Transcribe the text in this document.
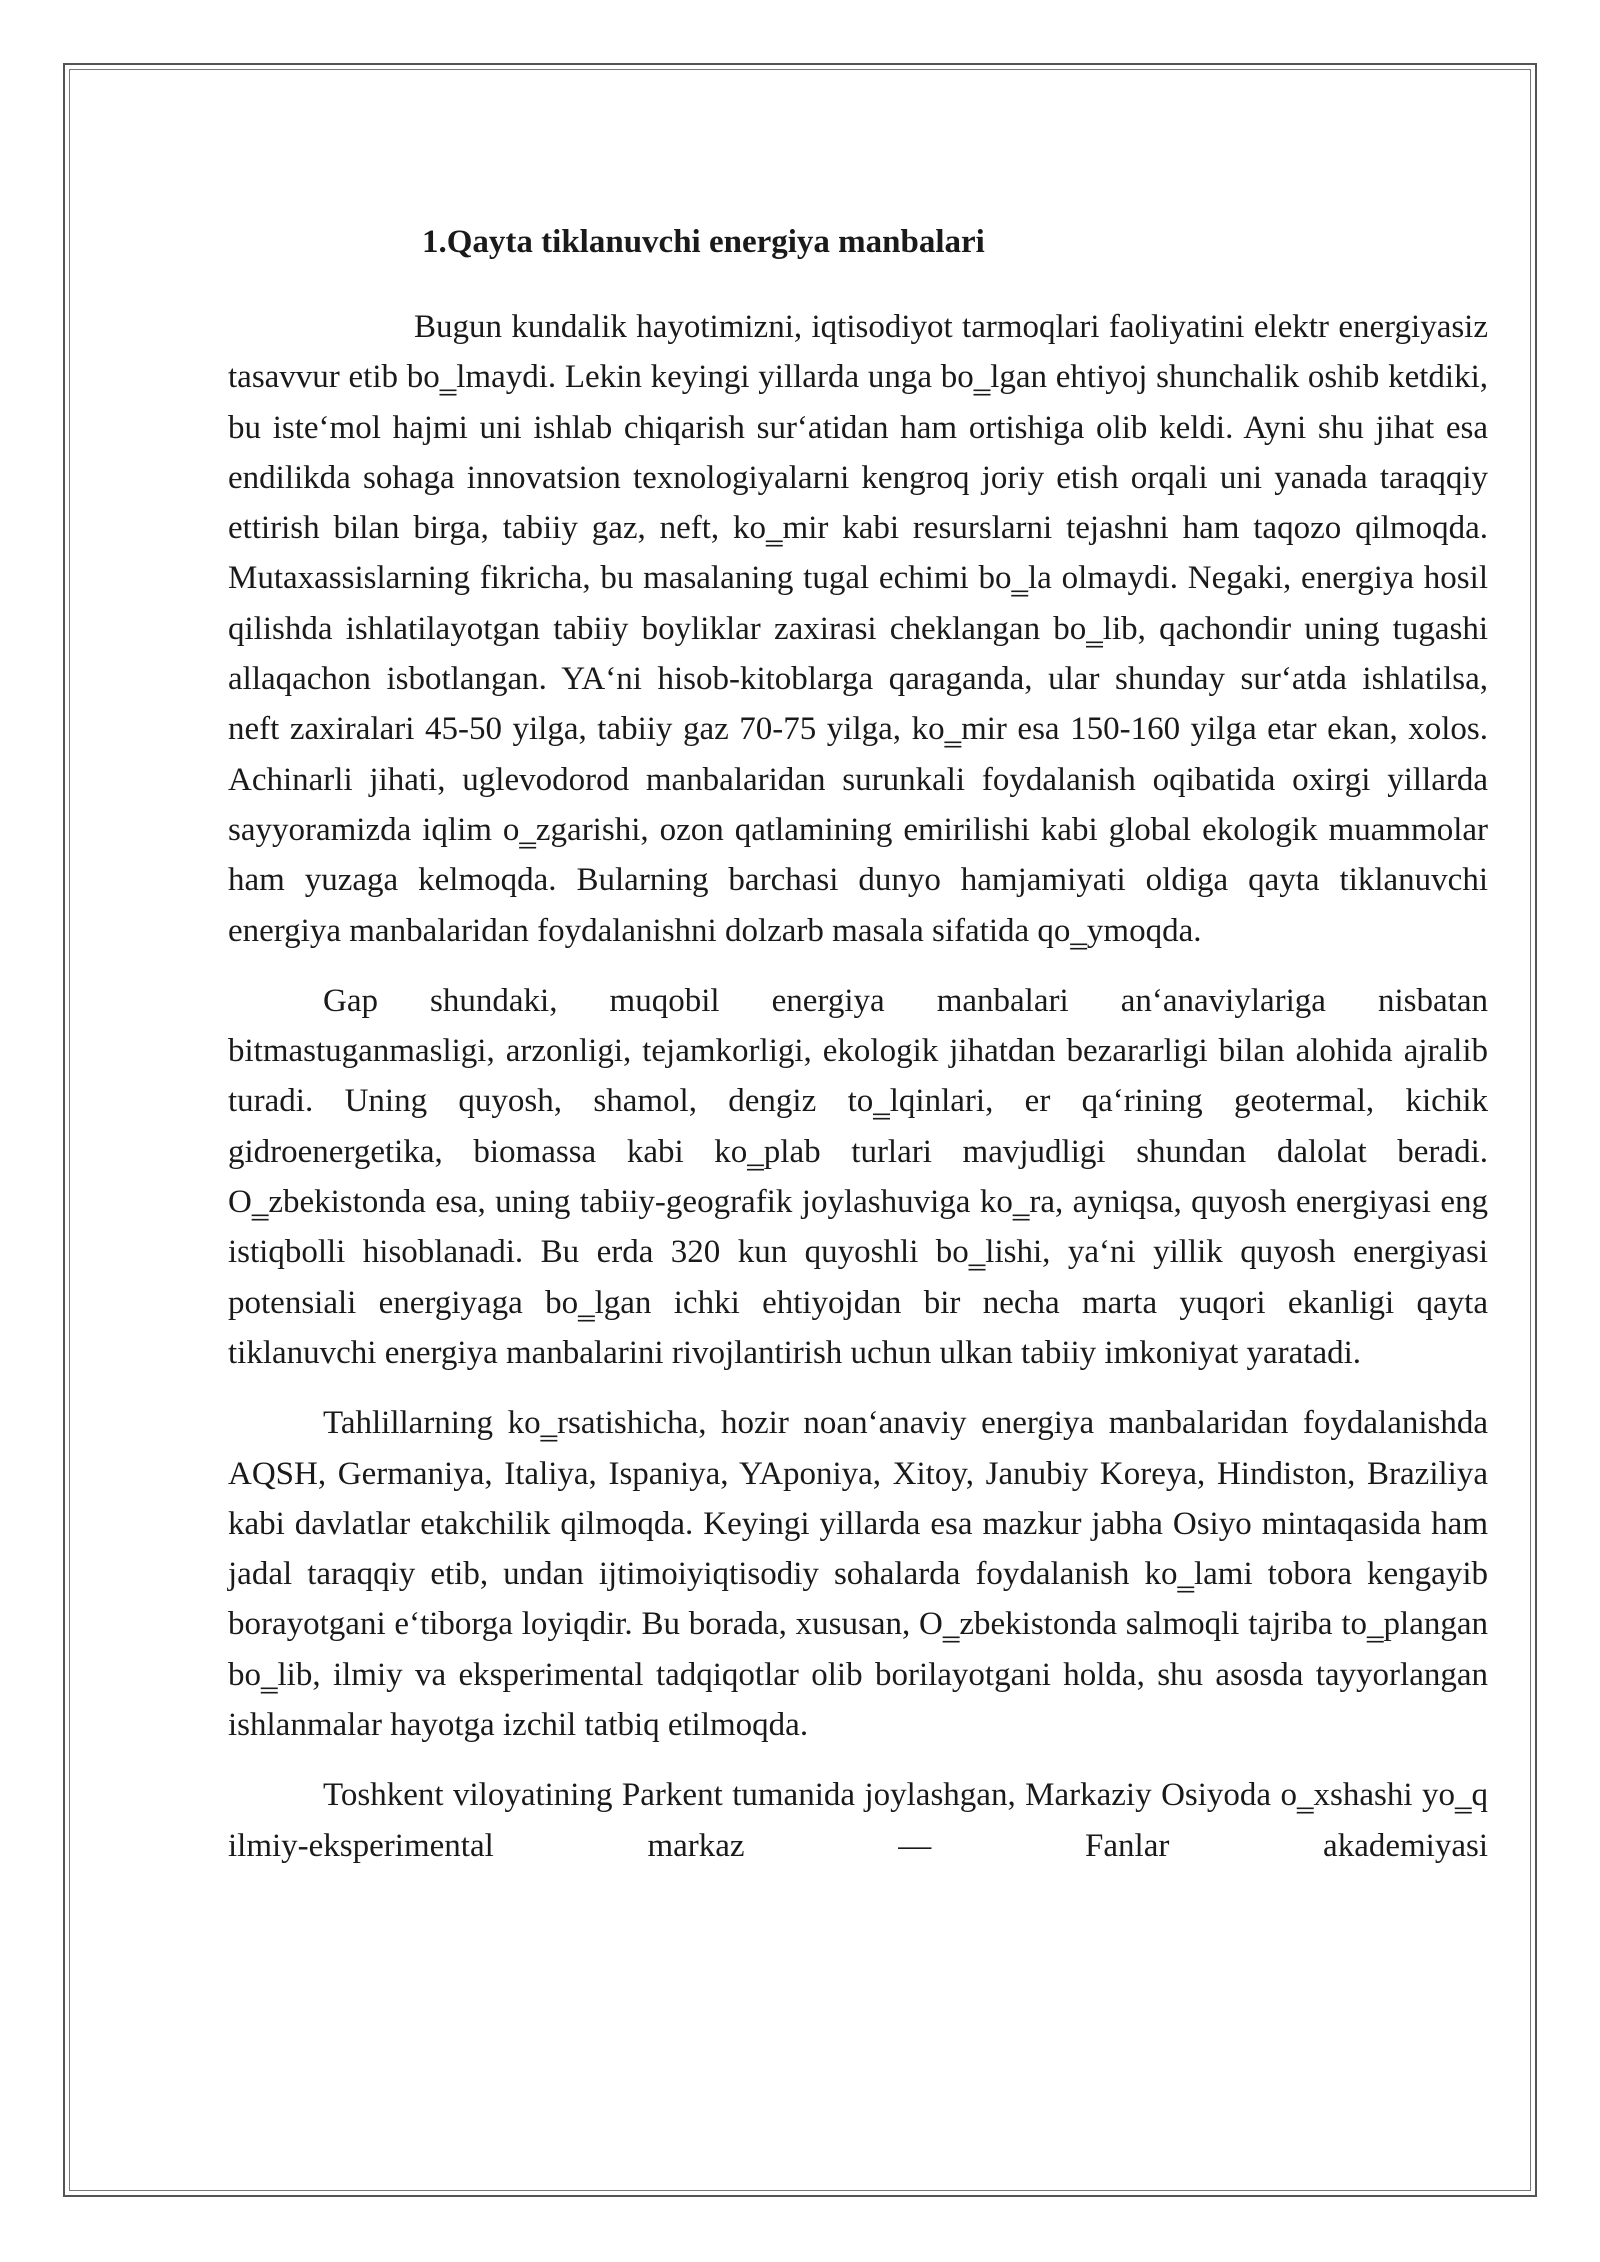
1.Qayta tiklanuvchi energiya manbalari

Bugun kundalik hayotimizni, iqtisodiyot tarmoqlari faoliyatini elektr energiyasiz tasavvur etib bo‗lmaydi. Lekin keyingi yillarda unga bo‗lgan ehtiyoj shunchalik oshib ketdiki, bu iste‘mol hajmi uni ishlab chiqarish sur‘atidan ham ortishiga olib keldi. Ayni shu jihat esa endilikda sohaga innovatsion texnologiyalarni kengroq joriy etish orqali uni yanada taraqqiy ettirish bilan birga, tabiiy gaz, neft, ko‗mir kabi resurslarni tejashni ham taqozo qilmoqda. Mutaxassislarning fikricha, bu masalaning tugal echimi bo‗la olmaydi. Negaki, energiya hosil qilishda ishlatilayotgan tabiiy boyliklar zaxirasi cheklangan bo‗lib, qachondir uning tugashi allaqachon isbotlangan. YA‘ni hisob-kitoblarga qaraganda, ular shunday sur‘atda ishlatilsa, neft zaxiralari 45-50 yilga, tabiiy gaz 70-75 yilga, ko‗mir esa 150-160 yilga etar ekan, xolos. Achinarli jihati, uglevodorod manbalaridan surunkali foydalanish oqibatida oxirgi yillarda sayyoramizda iqlim o‗zgarishi, ozon qatlamining emirilishi kabi global ekologik muammolar ham yuzaga kelmoqda. Bularning barchasi dunyo hamjamiyati oldiga qayta tiklanuvchi energiya manbalaridan foydalanishni dolzarb masala sifatida qo‗ymoqda.

Gap shundaki, muqobil energiya manbalari an‘anaviylariga nisbatan bitmastuganmasligi, arzonligi, tejamkorligi, ekologik jihatdan bezararligi bilan alohida ajralib turadi. Uning quyosh, shamol, dengiz to‗lqinlari, er qa‘rining geotermal, kichik gidroenergetika, biomassa kabi ko‗plab turlari mavjudligi shundan dalolat beradi. O‗zbekistonda esa, uning tabiiy-geografik joylashuviga ko‗ra, ayniqsa, quyosh energiyasi eng istiqbolli hisoblanadi. Bu erda 320 kun quyoshli bo‗lishi, ya‘ni yillik quyosh energiyasi potensiali energiyaga bo‗lgan ichki ehtiyojdan bir necha marta yuqori ekanligi qayta tiklanuvchi energiya manbalarini rivojlantirish uchun ulkan tabiiy imkoniyat yaratadi.

Tahlillarning ko‗rsatishicha, hozir noan‘anaviy energiya manbalaridan foydalanishda AQSH, Germaniya, Italiya, Ispaniya, YAponiya, Xitoy, Janubiy Koreya, Hindiston, Braziliya kabi davlatlar etakchilik qilmoqda. Keyingi yillarda esa mazkur jabha Osiyo mintaqasida ham jadal taraqqiy etib, undan ijtimoiyiqtisodiy sohalarda foydalanish ko‗lami tobora kengayib borayotgani e‘tiborga loyiqdir. Bu borada, xususan, O‗zbekistonda salmoqli tajriba to‗plangan bo‗lib, ilmiy va eksperimental tadqiqotlar olib borilayotgani holda, shu asosda tayyorlangan ishlanmalar hayotga izchil tatbiq etilmoqda.

Toshkent viloyatining Parkent tumanida joylashgan, Markaziy Osiyoda o‗xshashi yo‗q ilmiy-eksperimental markaz — Fanlar akademiyasi
